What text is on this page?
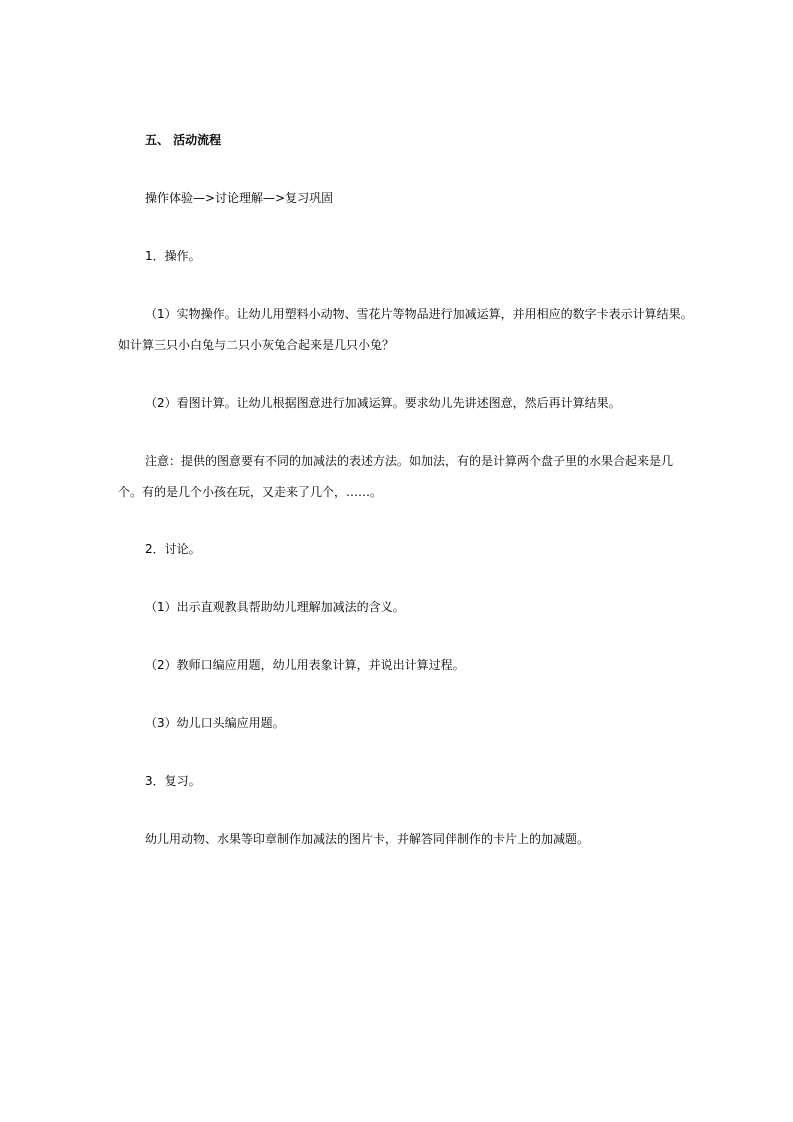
五、 活动流程
操作体验—>讨论理解—>复习巩固
1．操作。
（1）实物操作。让幼儿用塑料小动物、雪花片等物品进行加减运算，并用相应的数字卡表示计算结果。
如计算三只小白兔与二只小灰兔合起来是几只小兔？
（2）看图计算。让幼儿根据图意进行加减运算。要求幼儿先讲述图意，然后再计算结果。
注意：提供的图意要有不同的加减法的表述方法。如加法，有的是计算两个盘子里的水果合起来是几
个。有的是几个小孩在玩，又走来了几个，……。
2．讨论。
（1）出示直观教具帮助幼儿理解加减法的含义。
（2）教师口编应用题，幼儿用表象计算，并说出计算过程。
（3）幼儿口头编应用题。
3．复习。
幼儿用动物、水果等印章制作加减法的图片卡，并解答同伴制作的卡片上的加减题。
